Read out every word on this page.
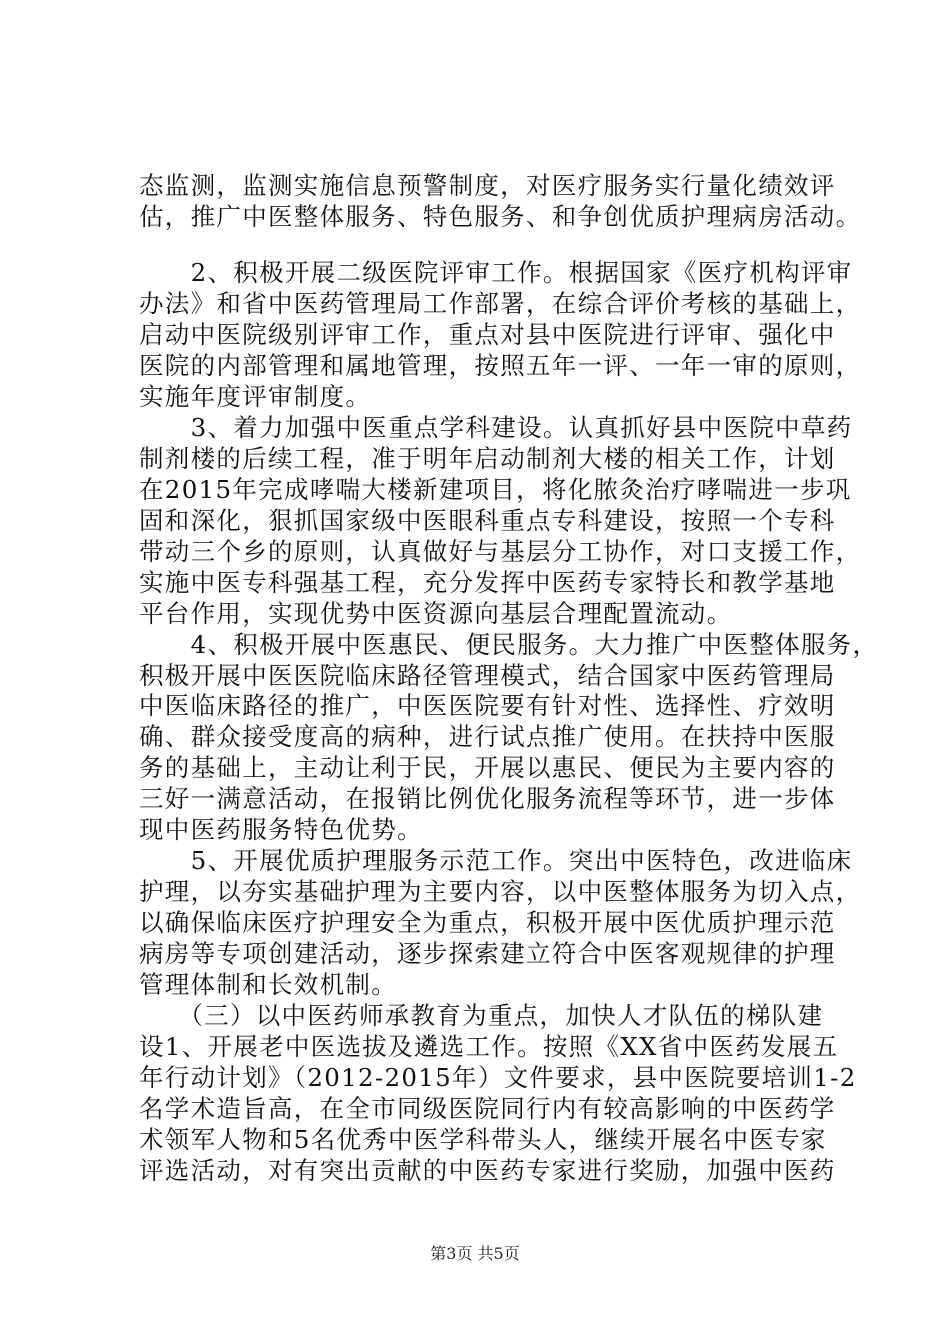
态监测，监测实施信息预警制度，对医疗服务实行量化绩效评
估，推广中医整体服务、特色服务、和争创优质护理病房活动。
　　2、积极开展二级医院评审工作。根据国家《医疗机构评审
办法》和省中医药管理局工作部署，在综合评价考核的基础上，
启动中医院级别评审工作，重点对县中医院进行评审、强化中
医院的内部管理和属地管理，按照五年一评、一年一审的原则，
实施年度评审制度。
　　3、着力加强中医重点学科建设。认真抓好县中医院中草药
制剂楼的后续工程，准于明年启动制剂大楼的相关工作，计划
在2015年完成哮喘大楼新建项目，将化脓灸治疗哮喘进一步巩
固和深化，狠抓国家级中医眼科重点专科建设，按照一个专科
带动三个乡的原则，认真做好与基层分工协作，对口支援工作，
实施中医专科强基工程，充分发挥中医药专家特长和教学基地
平台作用，实现优势中医资源向基层合理配置流动。
　　4、积极开展中医惠民、便民服务。大力推广中医整体服务，
积极开展中医医院临床路径管理模式，结合国家中医药管理局
中医临床路径的推广，中医医院要有针对性、选择性、疗效明
确、群众接受度高的病种，进行试点推广使用。在扶持中医服
务的基础上，主动让利于民，开展以惠民、便民为主要内容的
三好一满意活动，在报销比例优化服务流程等环节，进一步体
现中医药服务特色优势。
　　5、开展优质护理服务示范工作。突出中医特色，改进临床
护理，以夯实基础护理为主要内容，以中医整体服务为切入点，
以确保临床医疗护理安全为重点，积极开展中医优质护理示范
病房等专项创建活动，逐步探索建立符合中医客观规律的护理
管理体制和长效机制。
　　（三）以中医药师承教育为重点，加快人才队伍的梯队建
设1、开展老中医选拔及遴选工作。按照《XX省中医药发展五
年行动计划》（2012-2015年）文件要求，县中医院要培训1-2
名学术造旨高，在全市同级医院同行内有较高影响的中医药学
术领军人物和5名优秀中医学科带头人，继续开展名中医专家
评选活动，对有突出贡献的中医药专家进行奖励，加强中医药
第3页 共5页
